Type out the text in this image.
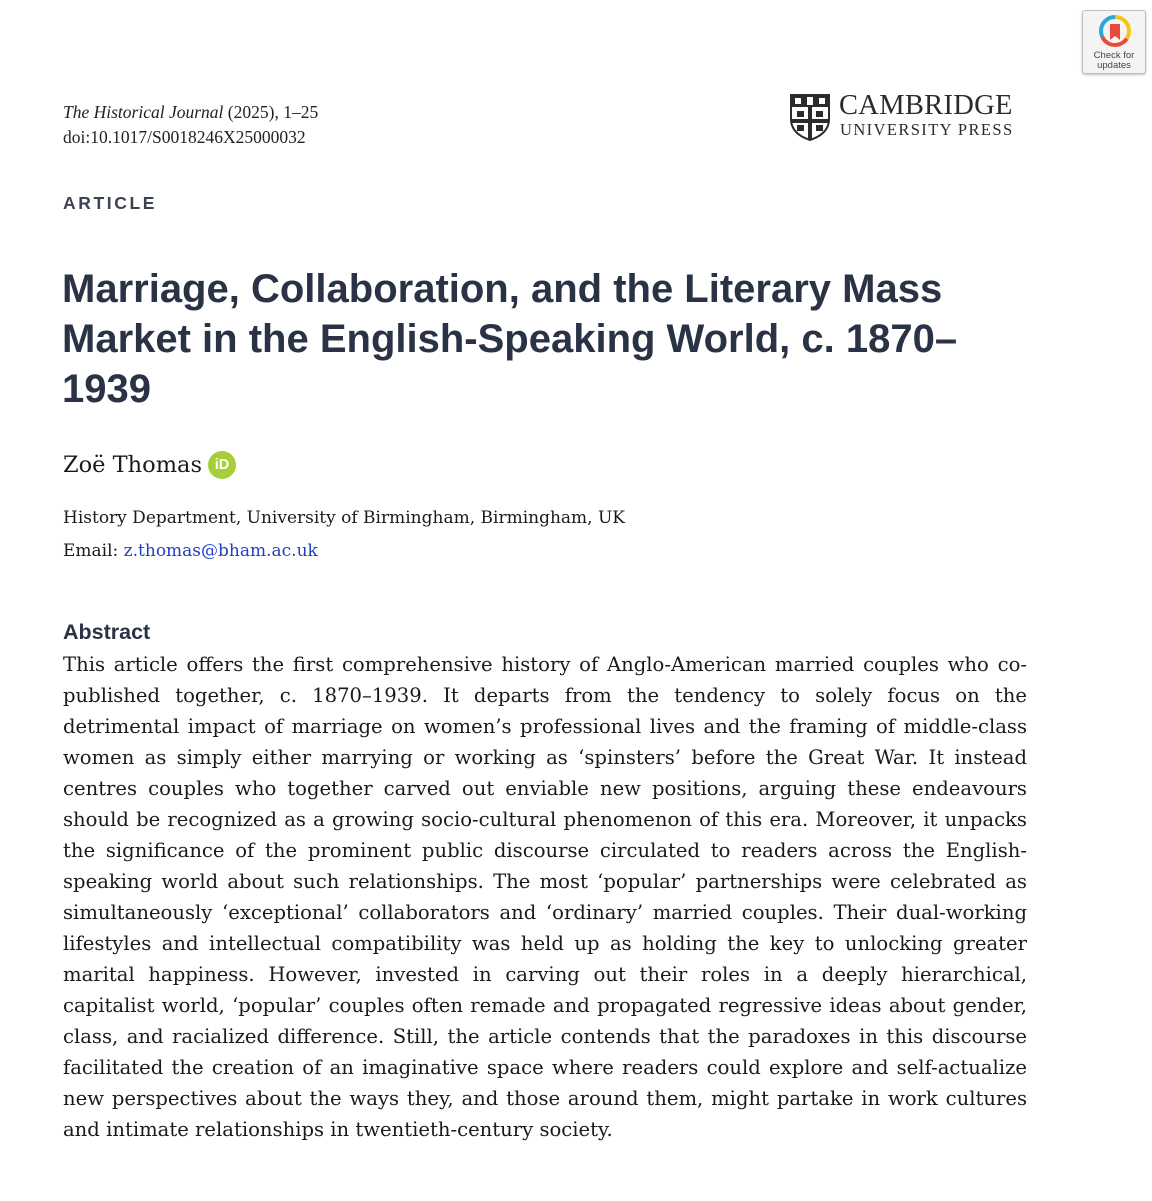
Check for
updates
The Historical Journal (2025), 1–25
doi:10.1017/S0018246X25000032
CAMBRIDGE
UNIVERSITY PRESS
ARTICLE
Marriage, Collaboration, and the Literary Mass Market in the English-Speaking World, c. 1870–1939
Zoë Thomas iD
History Department, University of Birmingham, Birmingham, UK
Email: z.thomas@bham.ac.uk
Abstract

This article offers the first comprehensive history of Anglo-American married couples who co-published together, c. 1870–1939. It departs from the tendency to solely focus on the detrimental impact of marriage on women’s professional lives and the framing of middle-class women as simply either marrying or working as ‘spinsters’ before the Great War. It instead centres couples who together carved out enviable new positions, arguing these endeavours should be recognized as a growing socio-cultural phenomenon of this era. Moreover, it unpacks the significance of the prominent public discourse circulated to readers across the English-speaking world about such relationships. The most ‘popular’ partnerships were celebrated as simultaneously ‘exceptional’ collaborators and ‘ordinary’ married couples. Their dual-working lifestyles and intellectual compatibility was held up as holding the key to unlocking greater marital happiness. However, invested in carving out their roles in a deeply hierarchical, capitalist world, ‘popular’ couples often remade and propagated regressive ideas about gender, class, and racialized difference. Still, the article contends that the paradoxes in this discourse facilitated the creation of an imaginative space where readers could explore and self-actualize new perspectives about the ways they, and those around them, might partake in work cultures and intimate relationships in twentieth-century society.
